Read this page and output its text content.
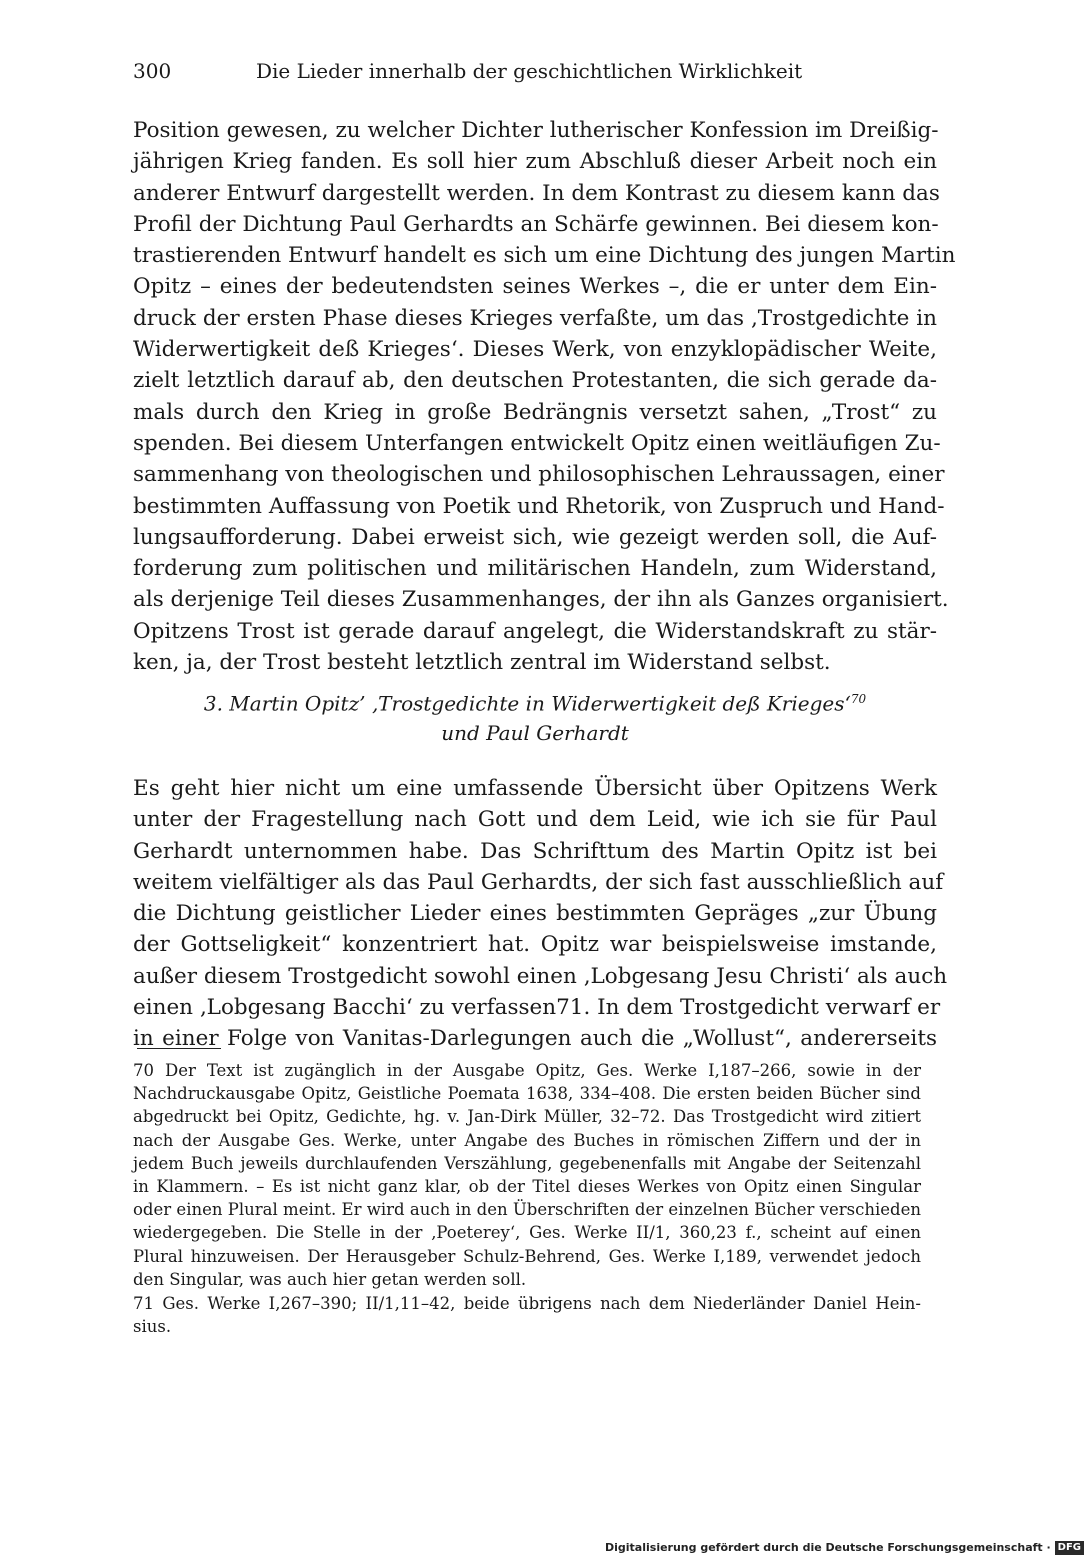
300	Die Lieder innerhalb der geschichtlichen Wirklichkeit
Position gewesen, zu welcher Dichter lutherischer Konfession im Dreißig-
jährigen Krieg fanden. Es soll hier zum Abschluß dieser Arbeit noch ein
anderer Entwurf dargestellt werden. In dem Kontrast zu diesem kann das
Profil der Dichtung Paul Gerhardts an Schärfe gewinnen. Bei diesem kon-
trastierenden Entwurf handelt es sich um eine Dichtung des jungen Martin
Opitz – eines der bedeutendsten seines Werkes –, die er unter dem Ein-
druck der ersten Phase dieses Krieges verfaßte, um das ‚Trostgedichte in
Widerwertigkeit deß Krieges‘. Dieses Werk, von enzyklopädischer Weite,
zielt letztlich darauf ab, den deutschen Protestanten, die sich gerade da-
mals durch den Krieg in große Bedrängnis versetzt sahen, „Trost“ zu
spenden. Bei diesem Unterfangen entwickelt Opitz einen weitläufigen Zu-
sammenhang von theologischen und philosophischen Lehraussagen, einer
bestimmten Auffassung von Poetik und Rhetorik, von Zuspruch und Hand-
lungsaufforderung. Dabei erweist sich, wie gezeigt werden soll, die Auf-
forderung zum politischen und militärischen Handeln, zum Widerstand,
als derjenige Teil dieses Zusammenhanges, der ihn als Ganzes organisiert.
Opitzens Trost ist gerade darauf angelegt, die Widerstandskraft zu stär-
ken, ja, der Trost besteht letztlich zentral im Widerstand selbst.
3. Martin Opitz’ ‚Trostgedichte in Widerwertigkeit deß Krieges‘$^{70}$
und Paul Gerhardt
Es geht hier nicht um eine umfassende Übersicht über Opitzens Werk
unter der Fragestellung nach Gott und dem Leid, wie ich sie für Paul
Gerhardt unternommen habe. Das Schrifttum des Martin Opitz ist bei
weitem vielfältiger als das Paul Gerhardts, der sich fast ausschließlich auf
die Dichtung geistlicher Lieder eines bestimmten Gepräges „zur Übung
der Gottseligkeit“ konzentriert hat. Opitz war beispielsweise imstande,
außer diesem Trostgedicht sowohl einen ‚Lobgesang Jesu Christi‘ als auch
einen ‚Lobgesang Bacchi‘ zu verfassen71. In dem Trostgedicht verwarf er
in einer Folge von Vanitas-Darlegungen auch die „Wollust“, andererseits
70 Der Text ist zugänglich in der Ausgabe Opitz, Ges. Werke I,187–266, sowie in der
Nachdruckausgabe Opitz, Geistliche Poemata 1638, 334–408. Die ersten beiden Bücher sind
abgedruckt bei Opitz, Gedichte, hg. v. Jan-Dirk Müller, 32–72. Das Trostgedicht wird zitiert
nach der Ausgabe Ges. Werke, unter Angabe des Buches in römischen Ziffern und der in
jedem Buch jeweils durchlaufenden Verszählung, gegebenenfalls mit Angabe der Seitenzahl
in Klammern. – Es ist nicht ganz klar, ob der Titel dieses Werkes von Opitz einen Singular
oder einen Plural meint. Er wird auch in den Überschriften der einzelnen Bücher verschieden
wiedergegeben. Die Stelle in der ‚Poeterey‘, Ges. Werke II/1, 360,23 f., scheint auf einen
Plural hinzuweisen. Der Herausgeber Schulz-Behrend, Ges. Werke I,189, verwendet jedoch
den Singular, was auch hier getan werden soll.
71 Ges. Werke I,267–390; II/1,11–42, beide übrigens nach dem Niederländer Daniel Hein-
sius.
Digitalisierung gefördert durch die Deutsche Forschungsgemeinschaft · DFG
